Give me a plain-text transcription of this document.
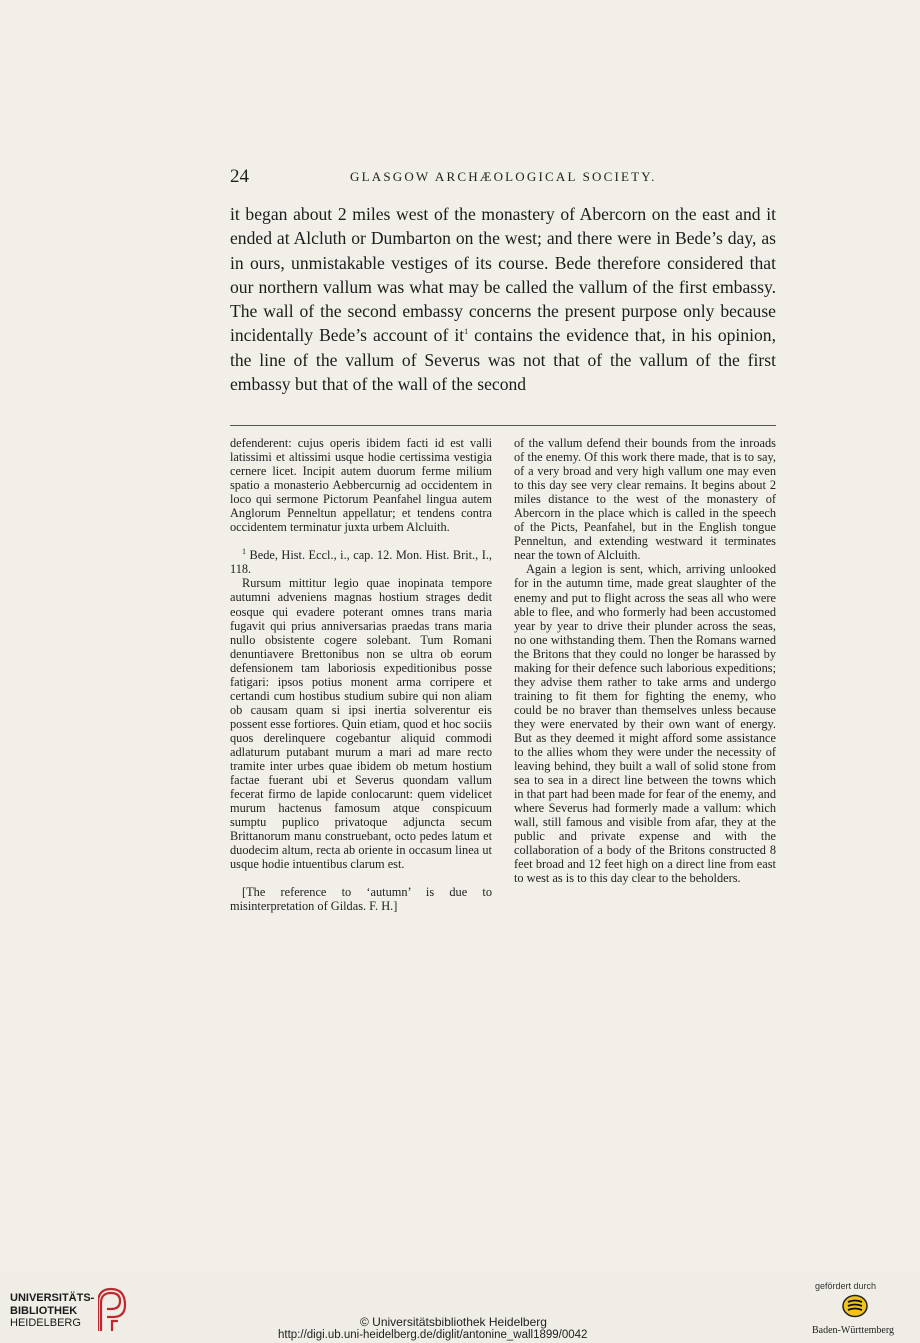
24	GLASGOW ARCHÆOLOGICAL SOCIETY.

it began about 2 miles west of the monastery of Abercorn on the east and it ended at Alcluth or Dumbarton on the west; and there were in Bede’s day, as in ours, unmistakable vestiges of its course. Bede therefore considered that our northern vallum was what may be called the vallum of the first embassy. The wall of the second embassy concerns the present purpose only because incidentally Bede’s account of $it^1$ contains the evidence that, in his opinion, the line of the vallum of Severus was not that of the vallum of the first embassy but that of the wall of the second

defenderent: cujus operis ibidem facti id est valli latissimi et altissimi usque hodie certissima vestigia cernere licet. Incipit autem duorum ferme milium spatio a monasterio Aebbercurnig ad occidentem in loco qui sermone Pictorum Peanfahel lingua autem Anglorum Penneltun appellatur; et tendens contra occidentem terminatur juxta urbem Alcluith.

$^1$ Bede, Hist. Eccl., i., cap. 12. Mon. Hist. Brit., I., 118.

Rursum mittitur legio quae inopinata tempore autumni adveniens magnas hostium strages dedit eosque qui evadere poterant omnes trans maria fugavit qui prius anniversarias praedas trans maria nullo obsistente cogere solebant. Tum Romani denuntiavere Brettonibus non se ultra ob eorum defensionem tam laboriosis expeditionibus posse fatigari: ipsos potius monent arma corripere et certandi cum hostibus studium subire qui non aliam ob causam quam si ipsi inertia solverentur eis possent esse fortiores. Quin etiam, quod et hoc sociis quos derelinquere cogebantur aliquid commodi adlaturum putabant murum a mari ad mare recto tramite inter urbes quae ibidem ob metum hostium factae fuerant ubi et Severus quondam vallum fecerat firmo de lapide conlocarunt: quem videlicet murum hactenus famosum atque conspicuum sumptu puplico privatoque adjuncta secum Brittanorum manu construebant, octo pedes latum et duodecim altum, recta ab oriente in occasum linea ut usque hodie intuentibus clarum est.

[The reference to ‘autumn’ is due to misinterpretation of Gildas. F. H.]

of the vallum defend their bounds from the inroads of the enemy. Of this work there made, that is to say, of a very broad and very high vallum one may even to this day see very clear remains. It begins about 2 miles distance to the west of the monastery of Abercorn in the place which is called in the speech of the Picts, Peanfahel, but in the English tongue Penneltun, and extending westward it terminates near the town of Alcluith.

Again a legion is sent, which, arriving unlooked for in the autumn time, made great slaughter of the enemy and put to flight across the seas all who were able to flee, and who formerly had been accustomed year by year to drive their plunder across the seas, no one withstanding them. Then the Romans warned the Britons that they could no longer be harassed by making for their defence such laborious expeditions; they advise them rather to take arms and undergo training to fit them for fighting the enemy, who could be no braver than themselves unless because they were enervated by their own want of energy. But as they deemed it might afford some assistance to the allies whom they were under the necessity of leaving behind, they built a wall of solid stone from sea to sea in a direct line between the towns which in that part had been made for fear of the enemy, and where Severus had formerly made a vallum: which wall, still famous and visible from afar, they at the public and private expense and with the collaboration of a body of the Britons constructed 8 feet broad and 12 feet high on a direct line from east to west as is to this day clear to the beholders.

UNIVERSITÄTS-
BIBLIOTHEK
HEIDELBERG	© Universitätsbibliothek Heidelberg
http://digi.ub.uni-heidelberg.de/diglit/antonine_wall1899/0042
gefördert durch
Baden-Württemberg
